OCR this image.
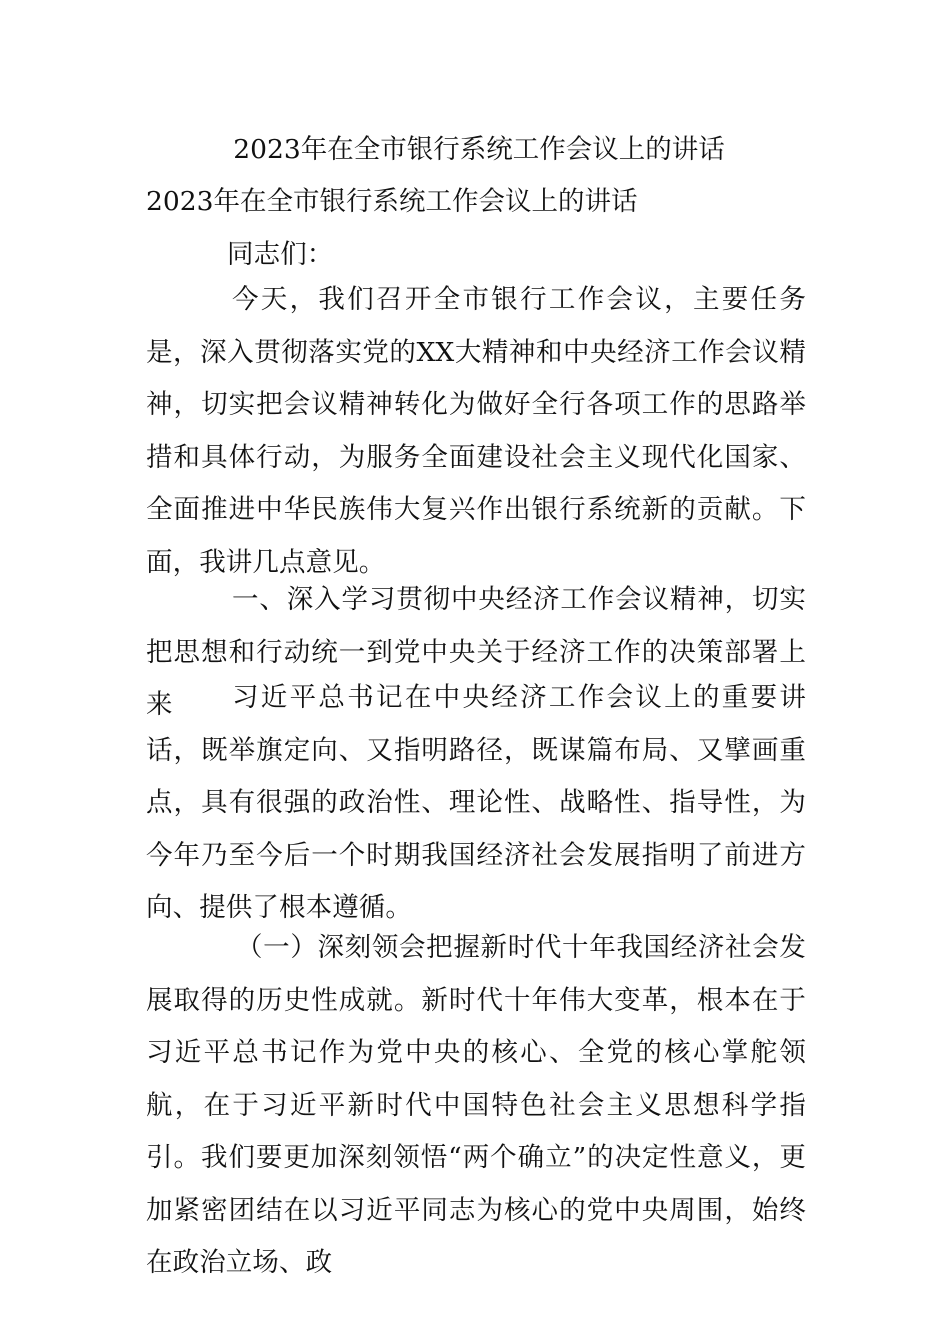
2023年在全市银行系统工作会议上的讲话
2023年在全市银行系统工作会议上的讲话
同志们：
今天，我们召开全市银行工作会议，主要任务是，深入贯彻落实党的XX大精神和中央经济工作会议精神，切实把会议精神转化为做好全行各项工作的思路举措和具体行动，为服务全面建设社会主义现代化国家、全面推进中华民族伟大复兴作出银行系统新的贡献。下面，我讲几点意见。
一、深入学习贯彻中央经济工作会议精神，切实把思想和行动统一到党中央关于经济工作的决策部署上来	习近平总书记在中央经济工作会议上的重要讲话，既举旗定向、又指明路径，既谋篇布局、又擘画重点，具有很强的政治性、理论性、战略性、指导性，为今年乃至今后一个时期我国经济社会发展指明了前进方向、提供了根本遵循。
（一）深刻领会把握新时代十年我国经济社会发展取得的历史性成就。新时代十年伟大变革，根本在于习近平总书记作为党中央的核心、全党的核心掌舵领航，在于习近平新时代中国特色社会主义思想科学指引。我们要更加深刻领悟“两个确立”的决定性意义，更加紧密团结在以习近平同志为核心的党中央周围，始终在政治立场、政
